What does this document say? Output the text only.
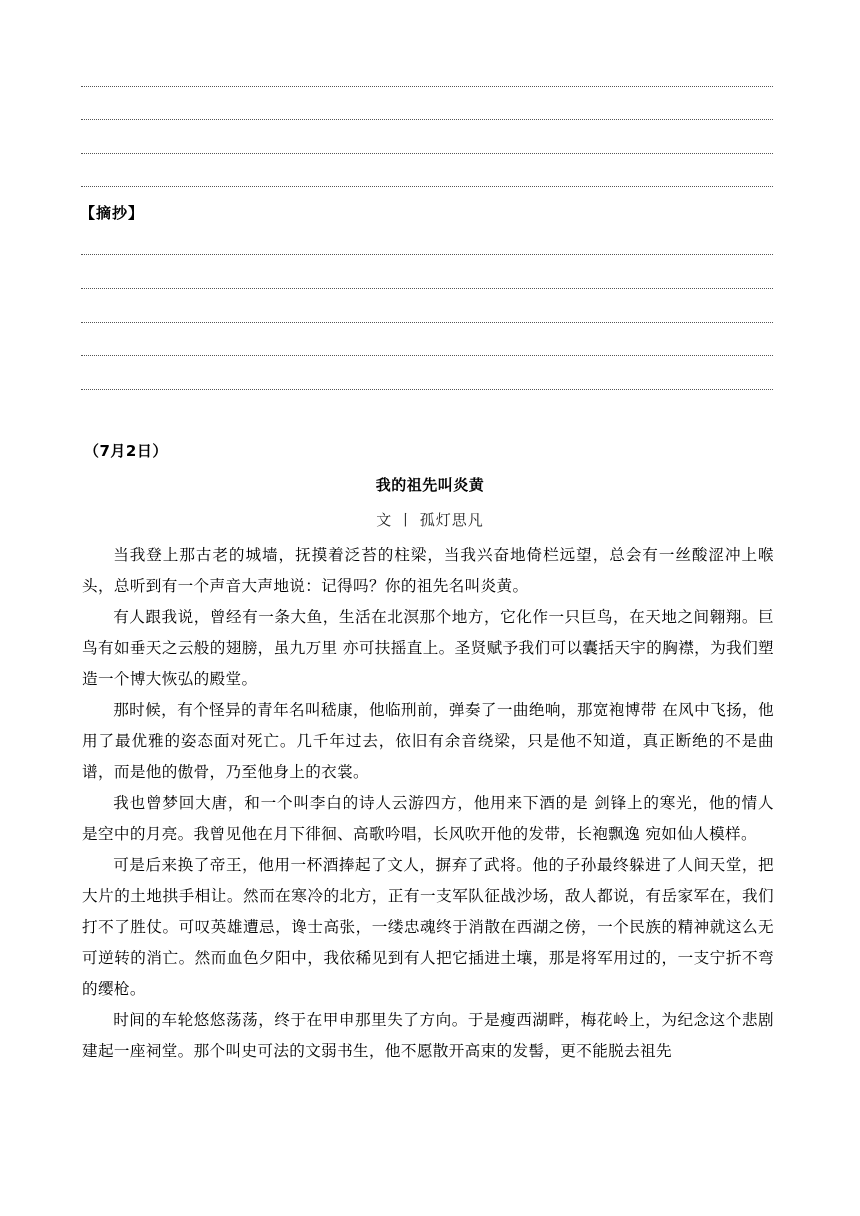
【摘抄】
（7月2日）
我的祖先叫炎黄
文 丨 孤灯思凡

当我登上那古老的城墙，抚摸着泛苔的柱梁，当我兴奋地倚栏远望，总会有一丝酸涩冲上喉头，总听到有一个声音大声地说：记得吗？你的祖先名叫炎黄。

有人跟我说，曾经有一条大鱼，生活在北溟那个地方，它化作一只巨鸟，在天地之间翱翔。巨鸟有如垂天之云般的翅膀，虽九万里 亦可扶摇直上。圣贤赋予我们可以囊括天宇的胸襟，为我们塑造一个博大恢弘的殿堂。

那时候，有个怪异的青年名叫嵇康，他临刑前，弹奏了一曲绝响，那宽袍博带 在风中飞扬，他用了最优雅的姿态面对死亡。几千年过去，依旧有余音绕梁，只是他不知道，真正断绝的不是曲谱，而是他的傲骨，乃至他身上的衣裳。

我也曾梦回大唐，和一个叫李白的诗人云游四方，他用来下酒的是 剑锋上的寒光，他的情人 是空中的月亮。我曾见他在月下徘徊、高歌吟唱，长风吹开他的发带，长袍飘逸 宛如仙人模样。

可是后来换了帝王，他用一杯酒捧起了文人，摒弃了武将。他的子孙最终躲进了人间天堂，把大片的土地拱手相让。然而在寒冷的北方，正有一支军队征战沙场，敌人都说，有岳家军在，我们打不了胜仗。可叹英雄遭忌，谗士高张，一缕忠魂终于消散在西湖之傍，一个民族的精神就这么无可逆转的消亡。然而血色夕阳中，我依稀见到有人把它插进土壤，那是将军用过的，一支宁折不弯的缨枪。

时间的车轮悠悠荡荡，终于在甲申那里失了方向。于是瘦西湖畔，梅花岭上，为纪念这个悲剧 建起一座祠堂。那个叫史可法的文弱书生，他不愿散开高束的发髻，更不能脱去祖先
